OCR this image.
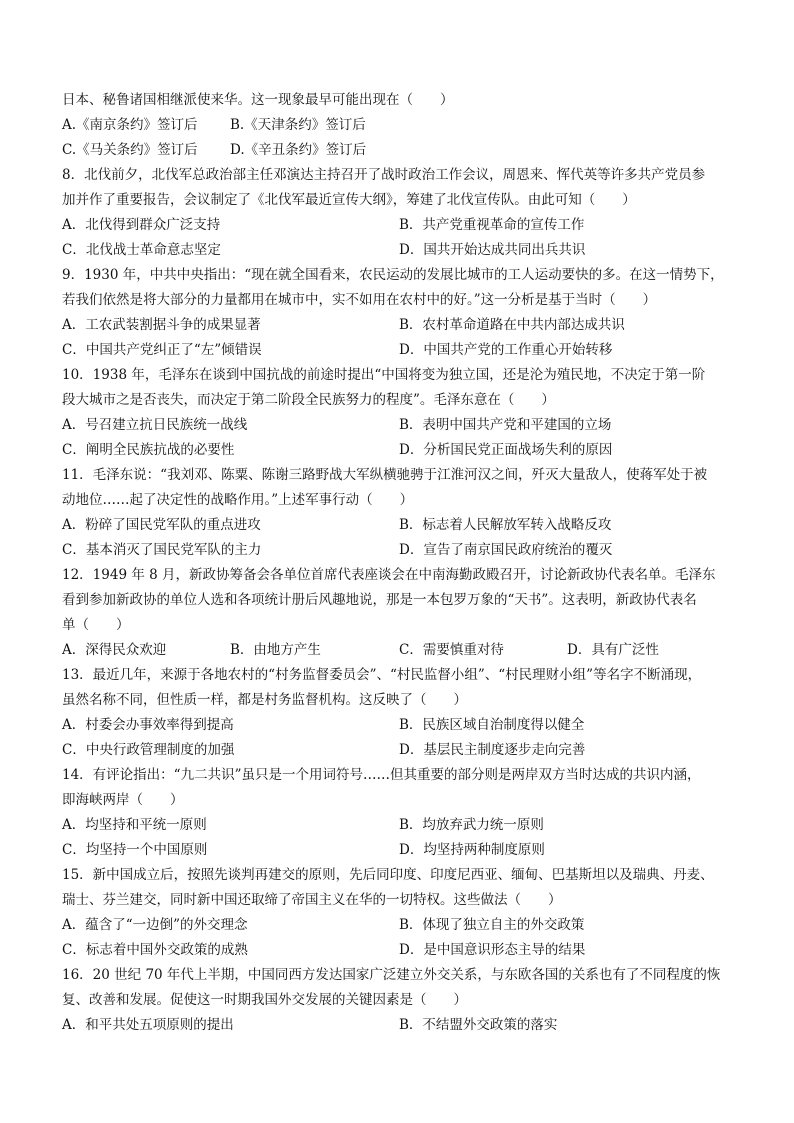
日本、秘鲁诸国相继派使来华。这一现象最早可能出现在（　　）
A.《南京条约》签订后 B.《天津条约》签订后
C.《马关条约》签订后 D.《辛丑条约》签订后
8．北伐前夕，北伐军总政治部主任邓演达主持召开了战时政治工作会议，周恩来、恽代英等许多共产党员参
加并作了重要报告，会议制定了《北伐军最近宣传大纲》，筹建了北伐宣传队。由此可知（　　）
A．北伐得到群众广泛支持	B．共产党重视革命的宣传工作
C．北伐战士革命意志坚定	D．国共开始达成共同出兵共识
9．1930 年，中共中央指出：“现在就全国看来，农民运动的发展比城市的工人运动要快的多。在这一情势下，
若我们依然是将大部分的力量都用在城市中，实不如用在农村中的好。”这一分析是基于当时（　　）
A．工农武装割据斗争的成果显著	B．农村革命道路在中共内部达成共识
C．中国共产党纠正了“左”倾错误	D．中国共产党的工作重心开始转移
10．1938 年，毛泽东在谈到中国抗战的前途时提出“中国将变为独立国，还是沦为殖民地，不决定于第一阶
段大城市之是否丧失，而决定于第二阶段全民族努力的程度”。毛泽东意在（　　）
A．号召建立抗日民族统一战线	B．表明中国共产党和平建国的立场
C．阐明全民族抗战的必要性	D．分析国民党正面战场失利的原因
11．毛泽东说：“我刘邓、陈粟、陈谢三路野战大军纵横驰骋于江淮河汉之间，歼灭大量敌人，使蒋军处于被
动地位……起了决定性的战略作用。”上述军事行动（　　）
A．粉碎了国民党军队的重点进攻	B．标志着人民解放军转入战略反攻
C．基本消灭了国民党军队的主力	D．宣告了南京国民政府统治的覆灭
12．1949 年 8 月，新政协筹备会各单位首席代表座谈会在中南海勤政殿召开，讨论新政协代表名单。毛泽东
看到参加新政协的单位人选和各项统计册后风趣地说，那是一本包罗万象的“天书”。这表明，新政协代表名
单（　　）
A．深得民众欢迎	B．由地方产生	C．需要慎重对待	D．具有广泛性
13．最近几年，来源于各地农村的“村务监督委员会”、“村民监督小组”、“村民理财小组”等名字不断涌现，
虽然名称不同，但性质一样，都是村务监督机构。这反映了（　　）
A．村委会办事效率得到提高	B．民族区域自治制度得以健全
C．中央行政管理制度的加强	D．基层民主制度逐步走向完善
14．有评论指出：“九二共识”虽只是一个用词符号……但其重要的部分则是两岸双方当时达成的共识内涵，
即海峡两岸（　　）
A．均坚持和平统一原则	B．均放弃武力统一原则
C．均坚持一个中国原则	D．均坚持两种制度原则
15．新中国成立后，按照先谈判再建交的原则，先后同印度、印度尼西亚、缅甸、巴基斯坦以及瑞典、丹麦、
瑞士、芬兰建交，同时新中国还取缔了帝国主义在华的一切特权。这些做法（　　）
A．蕴含了“一边倒”的外交理念	B．体现了独立自主的外交政策
C．标志着中国外交政策的成熟	D．是中国意识形态主导的结果
16．20 世纪 70 年代上半期，中国同西方发达国家广泛建立外交关系，与东欧各国的关系也有了不同程度的恢
复、改善和发展。促使这一时期我国外交发展的关键因素是（　　）
A．和平共处五项原则的提出	B．不结盟外交政策的落实
